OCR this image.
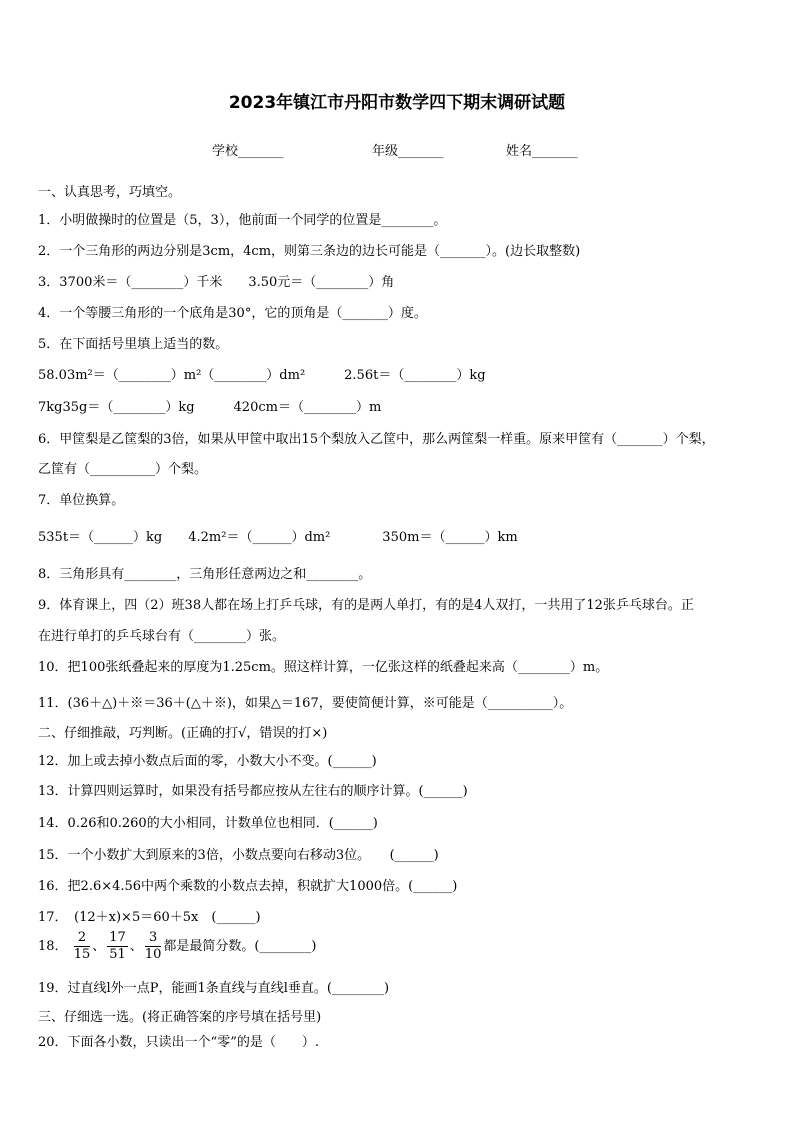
2023年镇江市丹阳市数学四下期末调研试题
学校_______	年级_______	姓名_______
一、认真思考，巧填空。
1．小明做操时的位置是（5，3），他前面一个同学的位置是________。
2．一个三角形的两边分别是3cm，4cm，则第三条边的边长可能是（_______）。(边长取整数)
3．3700米＝（________）千米　　3.50元＝（________）角
4．一个等腰三角形的一个底角是30°，它的顶角是（_______）度。
5．在下面括号里填上适当的数。
58.03m²＝（________）m²（________）dm²　　　2.56t＝（________）kg
7kg35g＝（________）kg　　　420cm＝（________）m
6．甲筐梨是乙筐梨的3倍，如果从甲筐中取出15个梨放入乙筐中，那么两筐梨一样重。原来甲筐有（_______）个梨，
乙筐有（__________）个梨。
7．单位换算。
535t＝（______）kg　　4.2m²＝（______）dm²　　　　350m＝（______）km
8．三角形具有________，三角形任意两边之和________。
9．体育课上，四（2）班38人都在场上打乒乓球，有的是两人单打，有的是4人双打，一共用了12张乒乓球台。正
在进行单打的乒乓球台有（________）张。
10．把100张纸叠起来的厚度为1.25cm。照这样计算，一亿张这样的纸叠起来高（________）m。
11．(36＋△)＋※＝36＋(△＋※)，如果△＝167，要使简便计算，※可能是（__________）。
二、仔细推敲，巧判断。(正确的打√，错误的打×)
12．加上或去掉小数点后面的零，小数大小不变。(______)
13．计算四则运算时，如果没有括号都应按从左往右的顺序计算。(______)
14．0.26和0.260的大小相同，计数单位也相同．(______)
15．一个小数扩大到原来的3倍，小数点要向右移动3位。　　(______)
16．把2.6×4.56中两个乘数的小数点去掉，积就扩大1000倍。(______)
17．　(12＋x)×5＝60＋5x　(______)
18． $\frac{2}{15}$ 、 $\frac{17}{51}$ 、 $\frac{3}{10}$ 都是最简分数。(________)
19．过直线l外一点P，能画1条直线与直线l垂直。(________)
三、仔细选一选。(将正确答案的序号填在括号里)
20．下面各小数，只读出一个“零”的是（　　）.
